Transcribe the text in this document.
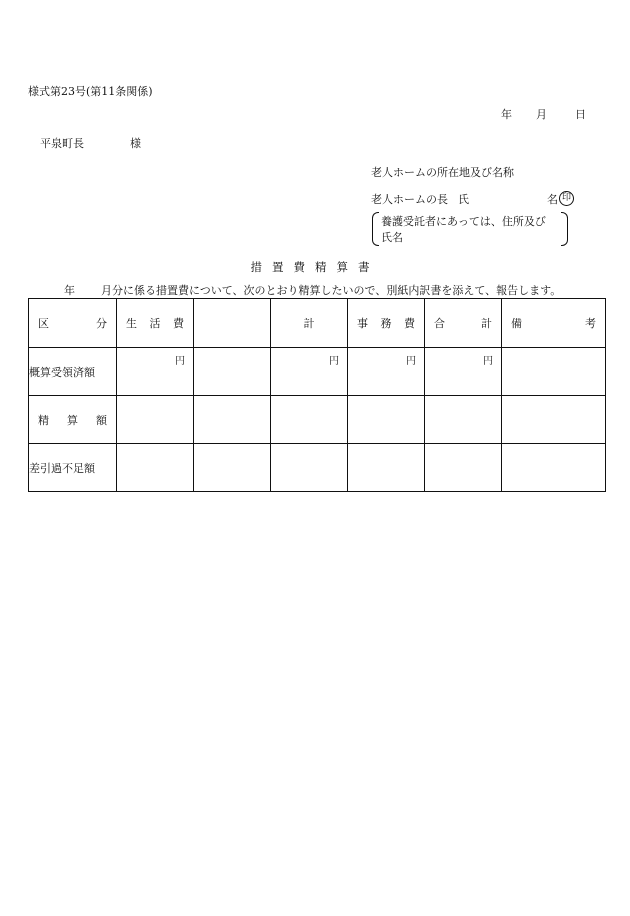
様式第23号(第11条関係)
年 月	日
平泉町長	様
老人ホームの所在地及び名称
老人ホームの長 氏	名 印
養護受託者にあっては、住所及び
氏名
措置費精算書
年 月分に係る措置費について、次のとおり精算したいので、別紙内訳書を添えて、報告します。
区 分	生 活 費		計	事 務 費	合 計	備 考

概算受領済額	円		円	円	円	

精 算 額						

差引過不足額						
